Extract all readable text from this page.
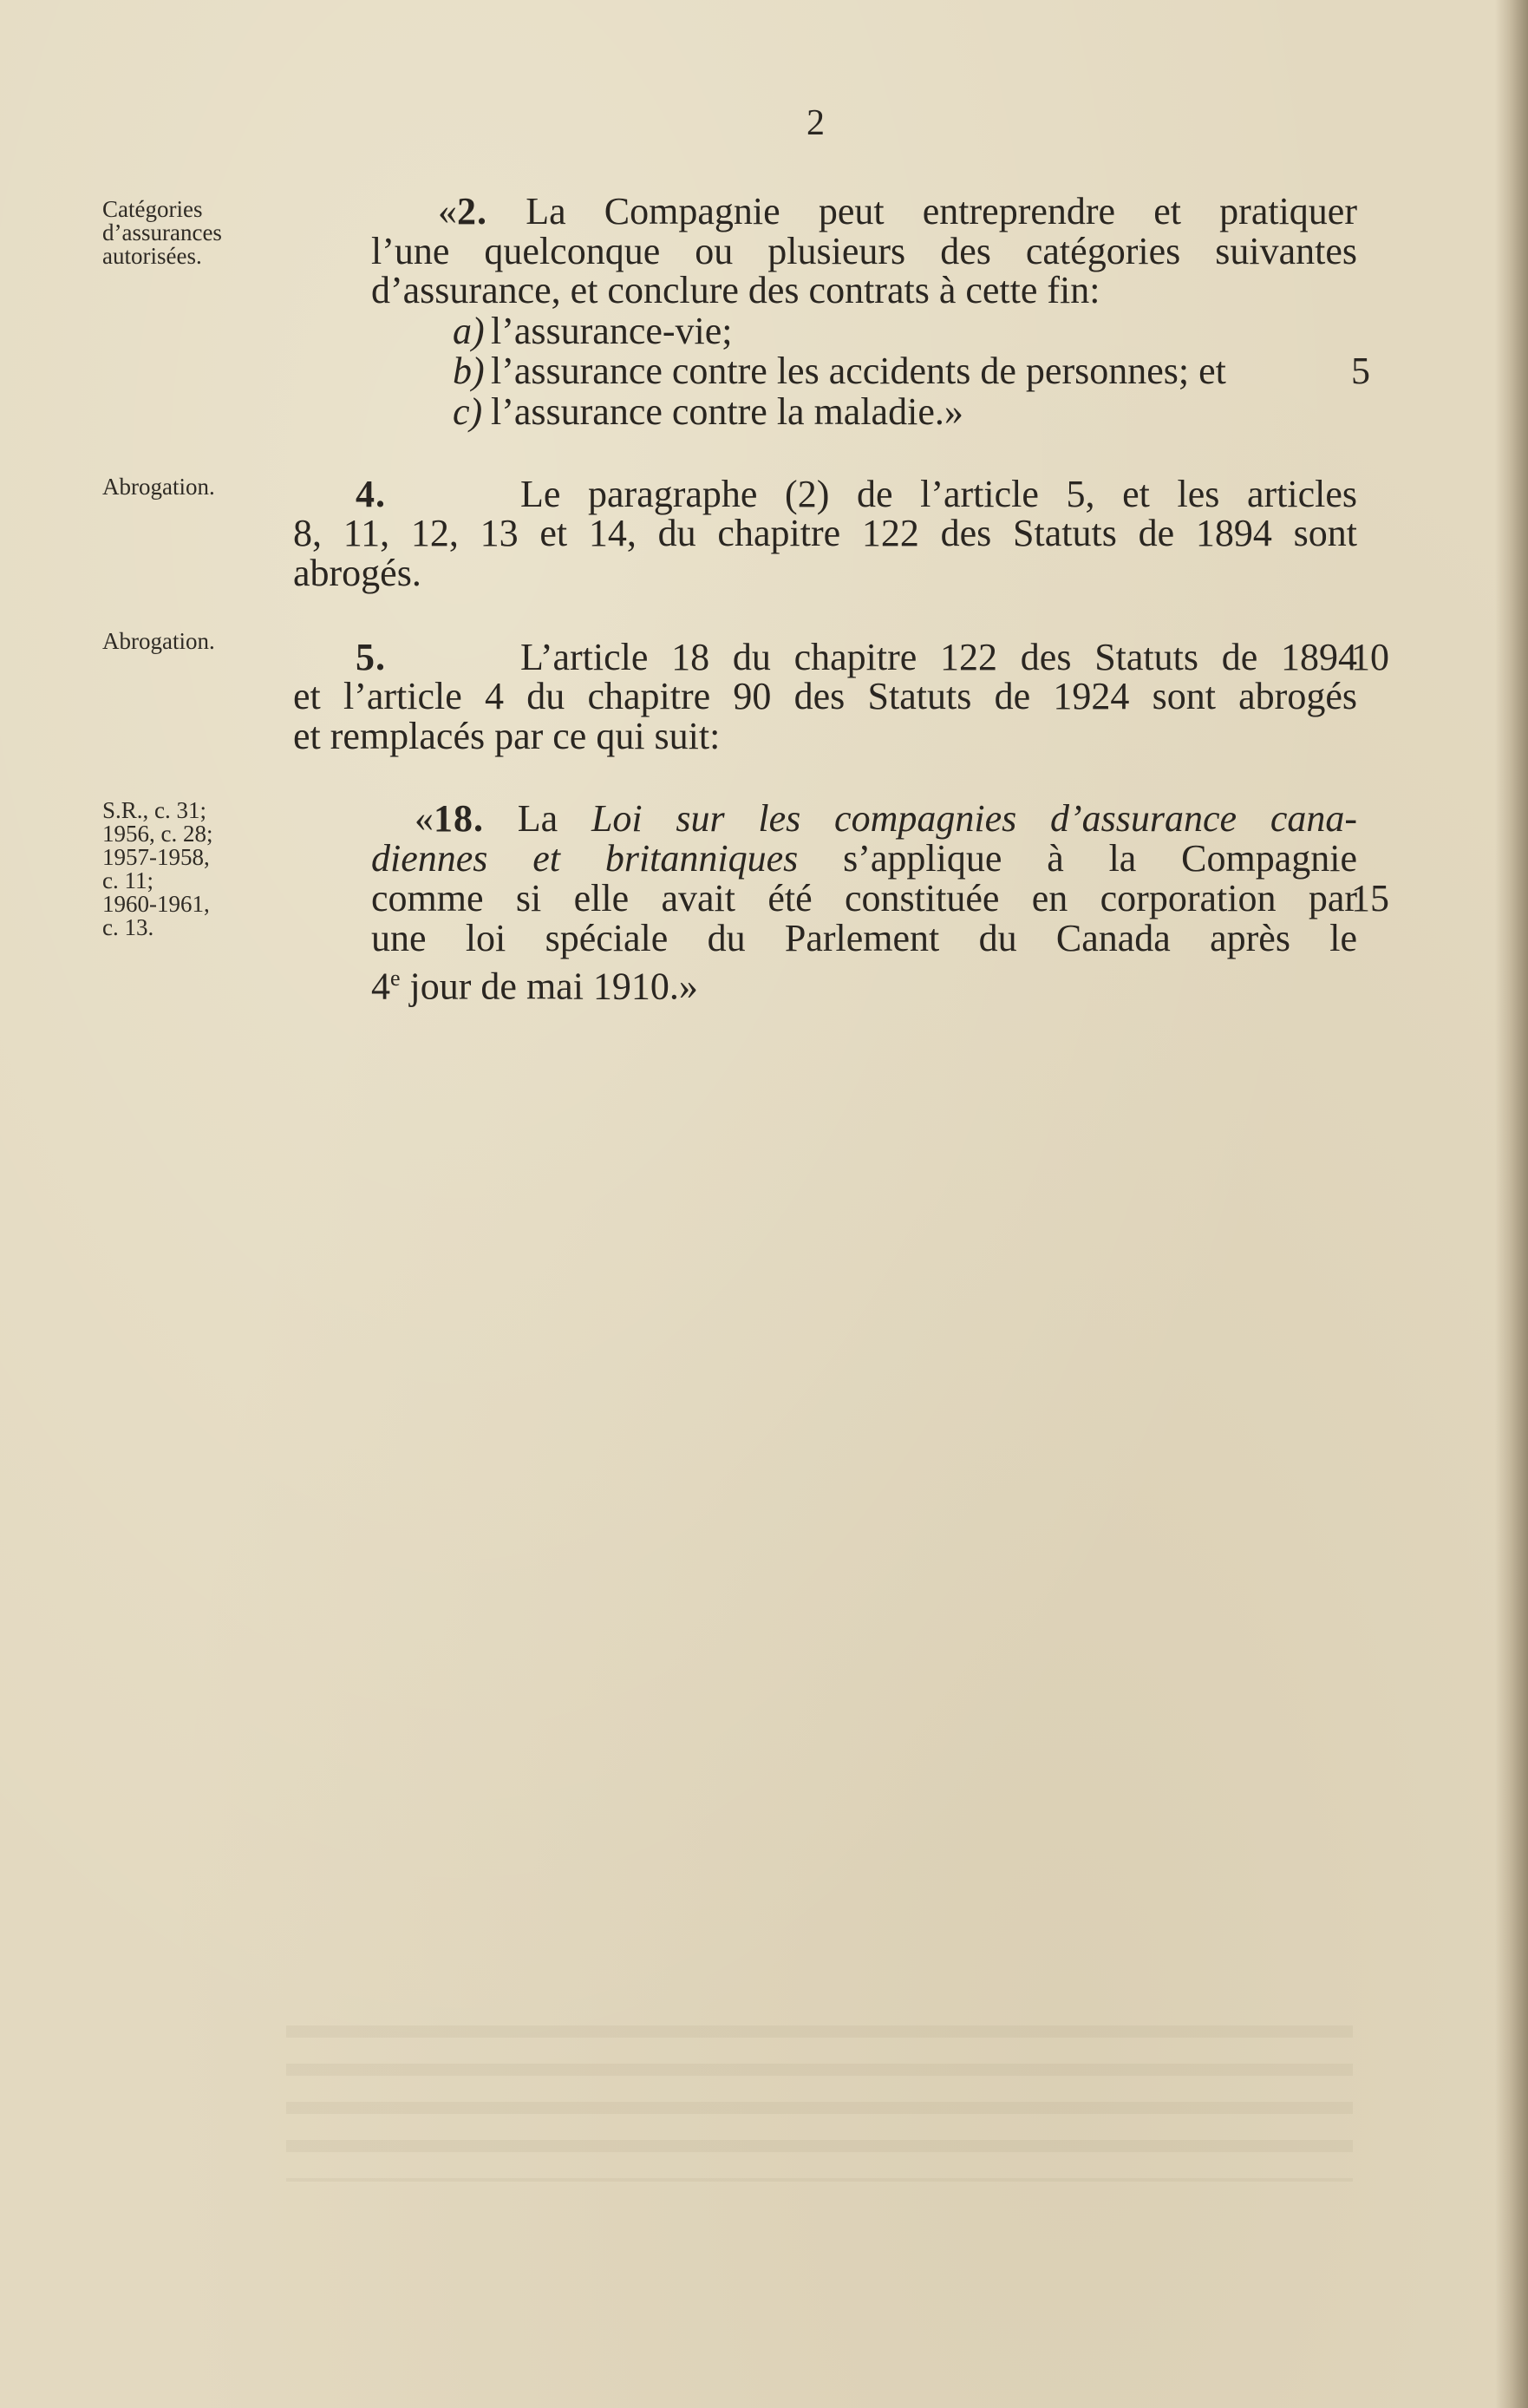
2
Catégories
d’assurances
autorisées.
Abrogation.
Abrogation.
S.R., c. 31;
1956, c. 28;
1957-1958,
c. 11;
1960-1961,
c. 13.
«2. La Compagnie peut entreprendre et pratiquer
l’une quelconque ou plusieurs des catégories suivantes
d’assurance, et conclure des contrats à cette fin:
a) l’assurance-vie;
b) l’assurance contre les accidents de personnes; et
c) l’assurance contre la maladie.»
5
4.	Le paragraphe (2) de l’article 5, et les articles
8, 11, 12, 13 et 14, du chapitre 122 des Statuts de 1894 sont
abrogés.
5.	L’article 18 du chapitre 122 des Statuts de 1894
et l’article 4 du chapitre 90 des Statuts de 1924 sont abrogés
et remplacés par ce qui suit:
10
«18. La Loi sur les compagnies d’assurance cana-
diennes et britanniques s’applique à la Compagnie
comme si elle avait été constituée en corporation par
une loi spéciale du Parlement du Canada après le
4e jour de mai 1910.»
15
